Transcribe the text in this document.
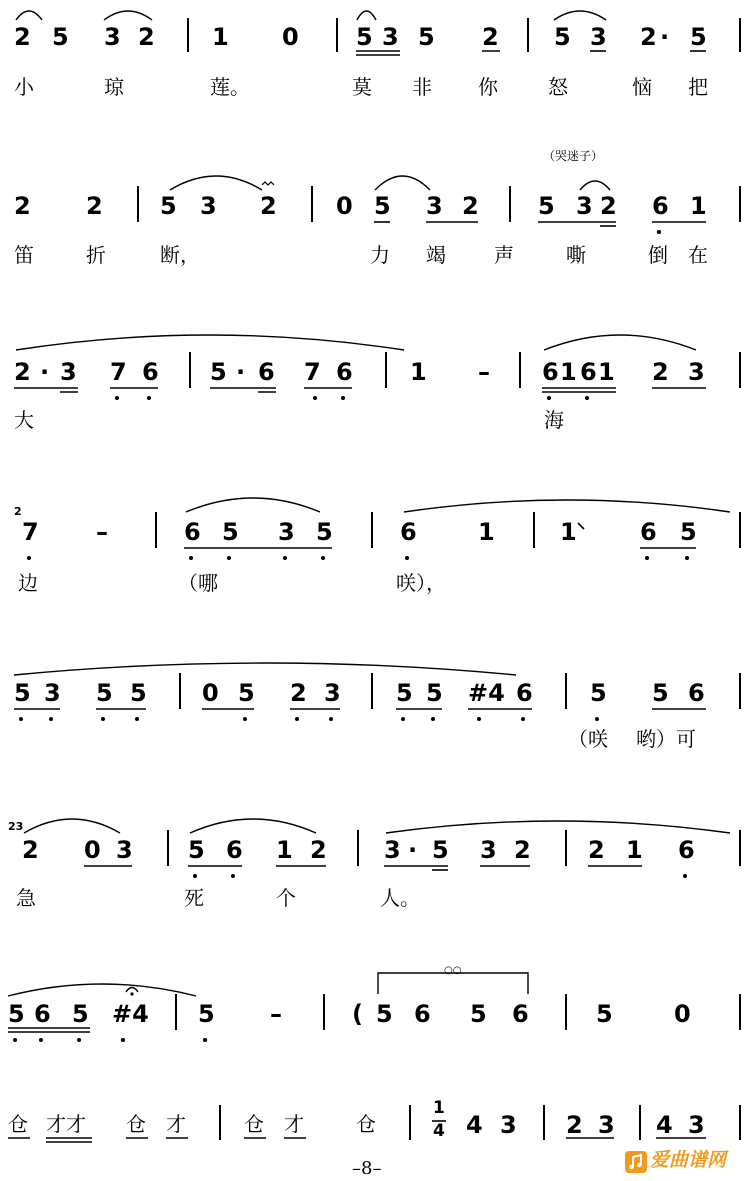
2 5 3 2 1 0 5 3 5 2 5 3 2 · 5
小	琼	莲。	莫 非 你	怒	恼 把
（哭迷子）
2 2 5 3 2 0 5 3 2 5 3 2 6 1
笛	折	断，	力 竭 声	嘶	倒 在
2 · 3 7 6 5 · 6 7 6 1 – 6 1 6 1 2 3
大	海
2
7 –	6 5 3 5	6	1	1	6 5
边	（哪	咲），
5 3 5 5 0 5 2 3 5 5 #4 6 5 5 6
（咲 哟）可
23
2 0 3 5 6 1 2 3 · 5 3 2 2 1 6
急	死	个	人。
○○
5 6 5 #4 5 –	( 5 6 5 6	5	0
仓 才才 仓 才	仓 才	仓
1
4 4 3 2 3 4 3
–8–	爱曲谱网
